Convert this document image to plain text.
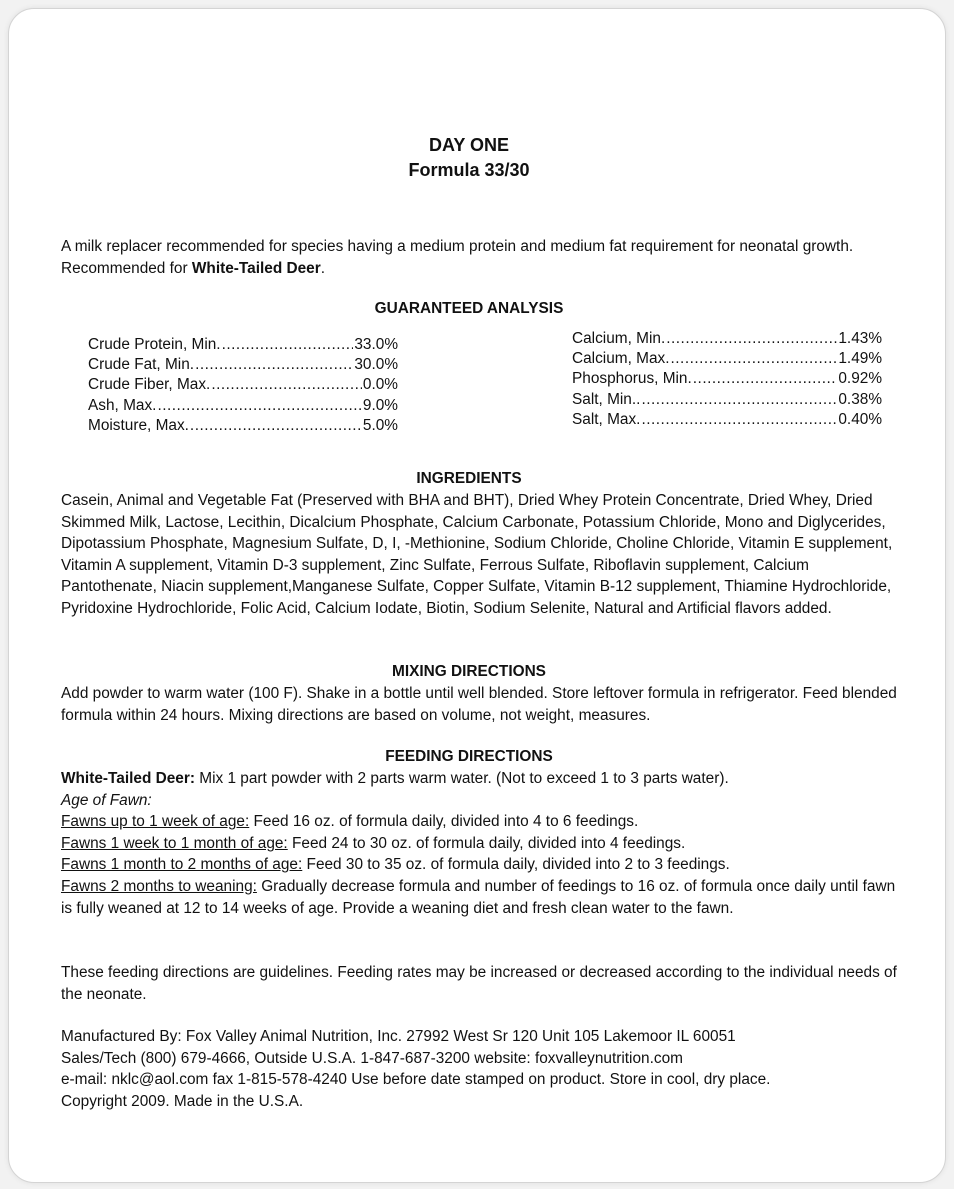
DAY ONE
Formula 33/30
A milk replacer recommended for species having a medium protein and medium fat requirement for neonatal growth. Recommended for White-Tailed Deer.
GUARANTEED ANALYSIS
Crude Protein, Min. .....	33.0%
Crude Fat, Min. .....	30.0%
Crude Fiber, Max. .....	0.0%
Ash, Max. .....	9.0%
Moisture, Max. .....	5.0%
Calcium, Min. .....	1.43%
Calcium, Max. .....	1.49%
Phosphorus, Min. .....	0.92%
Salt, Min.. .....	0.38%
Salt, Max. .....	0.40%
INGREDIENTS
Casein, Animal and Vegetable Fat (Preserved with BHA and BHT), Dried Whey Protein Concentrate, Dried Whey, Dried Skimmed Milk, Lactose, Lecithin, Dicalcium Phosphate, Calcium Carbonate, Potassium Chloride, Mono and Diglycerides, Dipotassium Phosphate, Magnesium Sulfate, D, I, -Methionine, Sodium Chloride, Choline Chloride, Vitamin E supplement, Vitamin A supplement, Vitamin D-3 supplement, Zinc Sulfate, Ferrous Sulfate, Riboflavin supplement, Calcium Pantothenate, Niacin supplement,Manganese Sulfate, Copper Sulfate, Vitamin B-12 supplement, Thiamine Hydrochloride, Pyridoxine Hydrochloride, Folic Acid, Calcium Iodate, Biotin, Sodium Selenite, Natural and Artificial flavors added.
MIXING DIRECTIONS
Add powder to warm water (100 F). Shake in a bottle until well blended. Store leftover formula in refrigerator. Feed blended formula within 24 hours. Mixing directions are based on volume, not weight, measures.
FEEDING DIRECTIONS
White-Tailed Deer: Mix 1 part powder with 2 parts warm water. (Not to exceed 1 to 3 parts water).
Age of Fawn:
Fawns up to 1 week of age: Feed 16 oz. of formula daily, divided into 4 to 6 feedings.
Fawns 1 week to 1 month of age: Feed 24 to 30 oz. of formula daily, divided into 4 feedings.
Fawns 1 month to 2 months of age: Feed 30 to 35 oz. of formula daily, divided into 2 to 3 feedings.
Fawns 2 months to weaning: Gradually decrease formula and number of feedings to 16 oz. of formula once daily until fawn is fully weaned at 12 to 14 weeks of age. Provide a weaning diet and fresh clean water to the fawn.
These feeding directions are guidelines. Feeding rates may be increased or decreased according to the individual needs of the neonate.
Manufactured By: Fox Valley Animal Nutrition, Inc. 27992 West Sr 120 Unit 105 Lakemoor IL 60051
Sales/Tech (800) 679-4666, Outside U.S.A. 1-847-687-3200 website: foxvalleynutrition.com
e-mail: nklc@aol.com fax 1-815-578-4240 Use before date stamped on product. Store in cool, dry place.
Copyright 2009. Made in the U.S.A.
